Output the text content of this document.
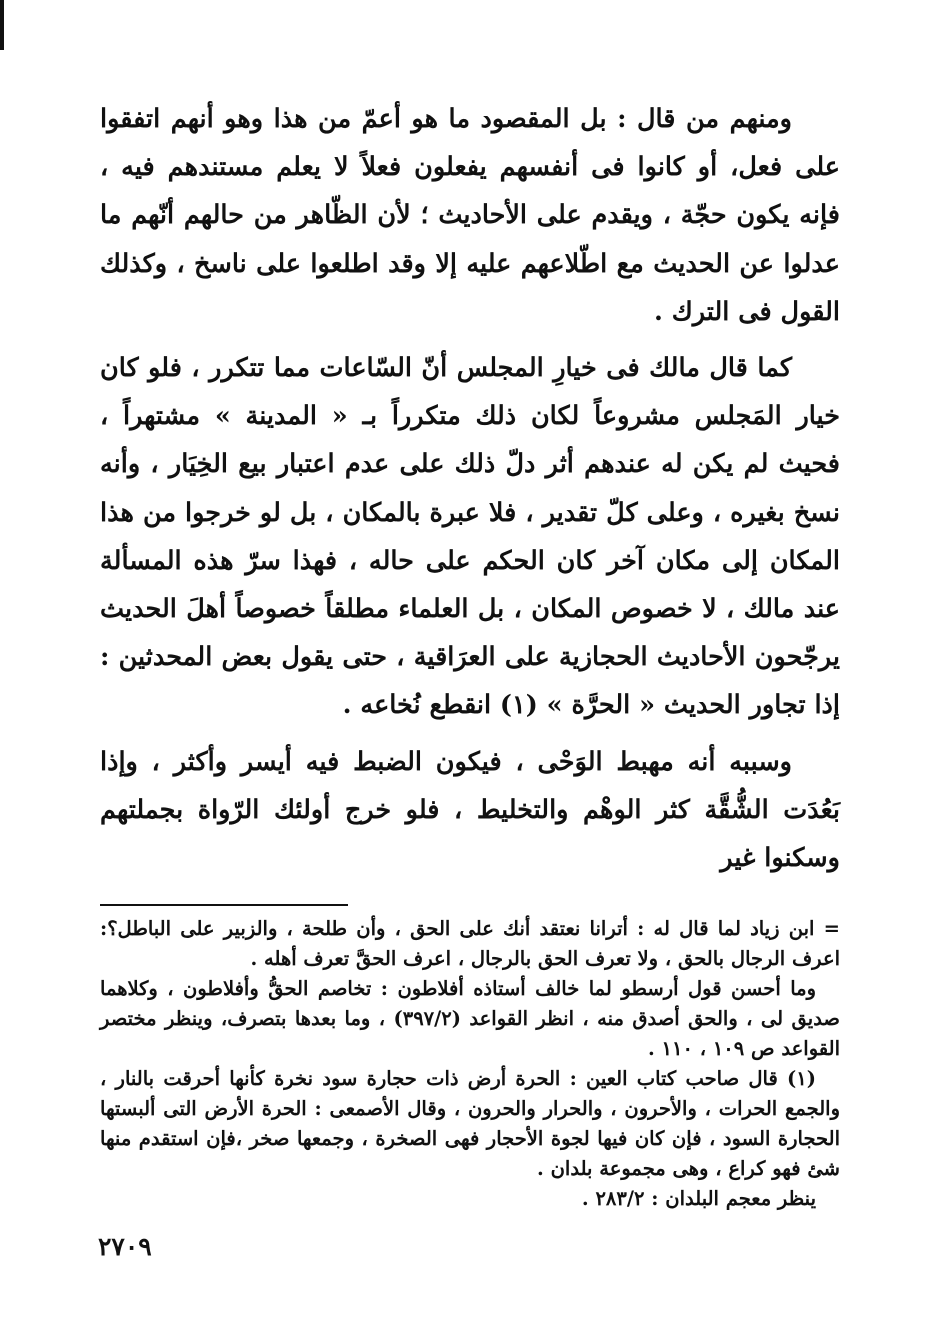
ومنهم من قال : بل المقصود ما هو أعمّ من هذا وهو أنهم اتفقوا على فعل، أو كانوا فى أنفسهم يفعلون فعلاً لا يعلم مستندهم فيه ، فإنه يكون حجّة ، ويقدم على الأحاديث ؛ لأن الظّاهر من حالهم أنّهم ما عدلوا عن الحديث مع اطّلاعهم عليه إلا وقد اطلعوا على ناسخ ، وكذلك القول فى الترك .

كما قال مالك فى خيارِ المجلس أنّ السّاعات مما تتكرر ، فلو كان خيار المَجلس مشروعاً لكان ذلك متكرراً بـ « المدينة » مشتهراً ، فحيث لم يكن له عندهم أثر دلّ ذلك على عدم اعتبار بيع الخِيَار ، وأنه نسخ بغيره ، وعلى كلّ تقدير ، فلا عبرة بالمكان ، بل لو خرجوا من هذا المكان إلى مكان آخر كان الحكم على حاله ، فهذا سرّ هذه المسألة عند مالك ، لا خصوص المكان ، بل العلماء مطلقاً خصوصاً أهلَ الحديث يرجّحون الأحاديث الحجازية على العرَاقية ، حتى يقول بعض المحدثين : إذا تجاور الحديث « الحرَّة » (١) انقطع نُخاعه .

وسببه أنه مهبط الوَحْى ، فيكون الضبط فيه أيسر وأكثر ، وإذا بَعُدَت الشُّقَّة كثر الوهْم والتخليط ، فلو خرج أولئك الرّواة بجملتهم وسكنوا غير

= ابن زياد لما قال له : أترانا نعتقد أنك على الحق ، وأن طلحة ، والزبير على الباطل؟: اعرف الرجال بالحق ، ولا تعرف الحق بالرجال ، اعرف الحقَّ تعرف أهله .

وما أحسن قول أرسطو لما خالف أستاذه أفلاطون : تخاصم الحقُّ وأفلاطون ، وكلاهما صديق لى ، والحق أصدق منه ، انظر القواعد (٣٩٧/٢) ، وما بعدها بتصرف، وينظر مختصر القواعد ص ١٠٩ ، ١١٠ .

(١) قال صاحب كتاب العين : الحرة أرض ذات حجارة سود نخرة كأنها أحرقت بالنار ، والجمع الحرات ، والأحرون ، والحرار والحرون ، وقال الأصمعى : الحرة الأرض التى ألبستها الحجارة السود ، فإن كان فيها لجوة الأحجار فهى الصخرة ، وجمعها صخر ،فإن استقدم منها شئ فهو كراع ، وهى مجموعة بلدان .

ينظر معجم البلدان : ٢٨٣/٢ .

٢٧٠٩
